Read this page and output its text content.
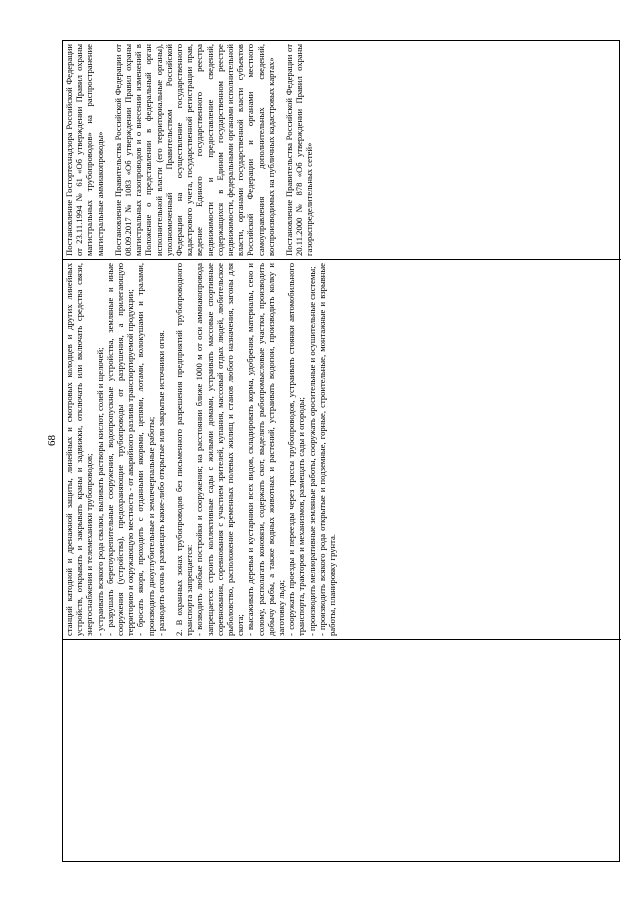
68 станций катодной и дренажной защиты, линейных и смотровых колодцев и других линейных устройств, открывать и закрывать краны и задвижки, отключать или включать средства связи, энергоснабжения и телемеханики трубопроводов; - устраивать всякого рода свалки, выливать растворы кислот, солей и щелочей; - разрушать берегоукрепительные сооружения, водопропускные устройства, земляные и иные сооружения (устройства), предохраняющие трубопроводы от разрушения, а прилегающую территорию и окружающую местность - от аварийного разлива транспортируемой продукции; - бросать якоря, проходить с отданными якорями, цепями, лотами, волокушами и тралами, производить дноуглубительные и землечерпальные работы; - разводить огонь и размещать какие-либо открытые или закрытые источники огня. 2. В охранных зонах трубопроводов без письменного разрешения предприятий трубопроводного транспорта запрещается: - возводить любые постройки и сооружения; на расстоянии ближе 1000 м от оси аммиакопровода запрещается: строить коллективные сады с жилыми домами, устраивать массовые спортивные соревнования, соревнования с участием зрителей, купания, массовый отдых людей, любительское рыболовство, расположение временных полевых жилищ и станов любого назначения, загоны для скота; - высаживать деревья и кустарники всех видов, складировать корма, удобрения, материалы, сено и солому, располагать коновязи, содержать скот, выделять рыбопромысловые участки, производить добычу рыбы, а также водных животных и растений, устраивать водопои, производить колку и заготовку льда; - сооружать проезды и переезды через трассы трубопроводов, устраивать стоянки автомобильного транспорта, тракторов и механизмов, размещать сады и огороды; - производить мелиоративные земляные работы, сооружать оросительные и осушительные системы; - производить всякого рода открытые и подземные, горные, строительные, монтажные и взрывные работы, планировку грунта.

Постановление Госгортехнадзора Российской Федерации от 23.11.1994 № 61 «Об утверждении Правил охраны магистральных трубопроводов» на распространение магистральные аммиакопроводы» Постановление Правительства Российской Федерации от 08.09.2017 № 1083 «Об утверждении Правил охраны магистральных газопроводов и о внесении изменений в Положение о представлении в федеральный орган исполнительной власти (его территориальные органы), уполномоченный Правительством Российской Федерации на осуществление государственного кадастрового учета, государственной регистрации прав, ведение Единого государственного реестра недвижимости и предоставление сведений, содержащихся в Едином государственном реестре недвижимости, федеральными органами исполнительной власти, органами государственной власти субъектов Российской Федерации и органами местного самоуправления дополнительных сведений, воспроизводимых на публичных кадастровых картах» Постановление Правительства Российской Федерации от 20.11.2000 № 878 «Об утверждении Правил охраны газораспределительных сетей»
